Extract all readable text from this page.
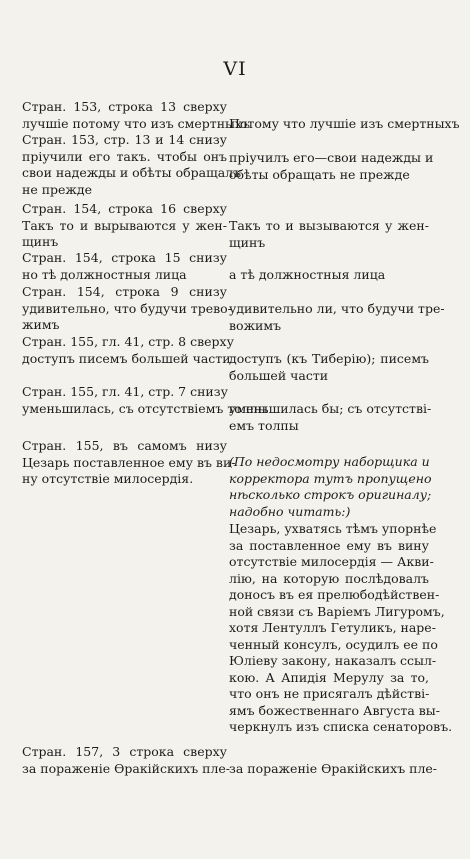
VI
Стран. 153, строка 13 сверху
лучшiе потому что изъ смертныхъ
Стран. 153, стр. 13 и 14 снизу
прiучили его такъ. чтобы онъ
свои надежды и обѣты обращалъ
не прежде
Стран. 154, строка 16 сверху
Такъ то и вырываются у жен-
щинъ
Стран. 154, строка 15 снизу
но тѣ должностныя лица
Стран. 154, строка 9 снизу
удивительно, что будучи трево-
жимъ
Стран. 155, гл. 41, стр. 8 сверху
доступъ писемъ большей части
Стран. 155, гл. 41, стр. 7 снизу
уменьшилась, съ отсутствiемъ толпы
Стран. 155, въ самомъ низу
Цезарь поставленное ему въ ви-
ну отсутствiе милосердiя.
Стран. 157, 3 строка сверху
за пораженiе Ѳракiйскихъ пле-
Потому что лучшiе изъ смертныхъ
прiучилъ его—свои надежды и
обѣты обращать не прежде
Такъ то и вызываются у жен-
щинъ
а тѣ должностныя лица
удивительно ли, что будучи тре-
вожимъ
доступъ (къ Тиберiю); писемъ
большей части
уменьшилась бы; съ отсутствi-
емъ толпы
(По недосмотру наборщика и
корректора тутъ пропущено
нѣсколько строкъ оригиналу;
надобно читать:)
Цезарь, ухватясь тѣмъ упорнѣе
за поставленное ему въ вину
отсутствiе милосердiя — Акви-
лiю, на которую послѣдовалъ
доносъ въ ея прелюбодѣйствен-
ной связи съ Варiемъ Лигуромъ,
хотя Лентуллъ Гетуликъ, наре-
ченный консулъ, осудилъ ее по
Юлiеву закону, наказалъ ссыл-
кою. А Апидiя Мерулу за то,
что онъ не присягалъ дѣйствi-
ямъ божественнаго Августа вы-
черкнулъ изъ списка сенаторовъ.
за пораженiе Ѳракiйскихъ пле-
